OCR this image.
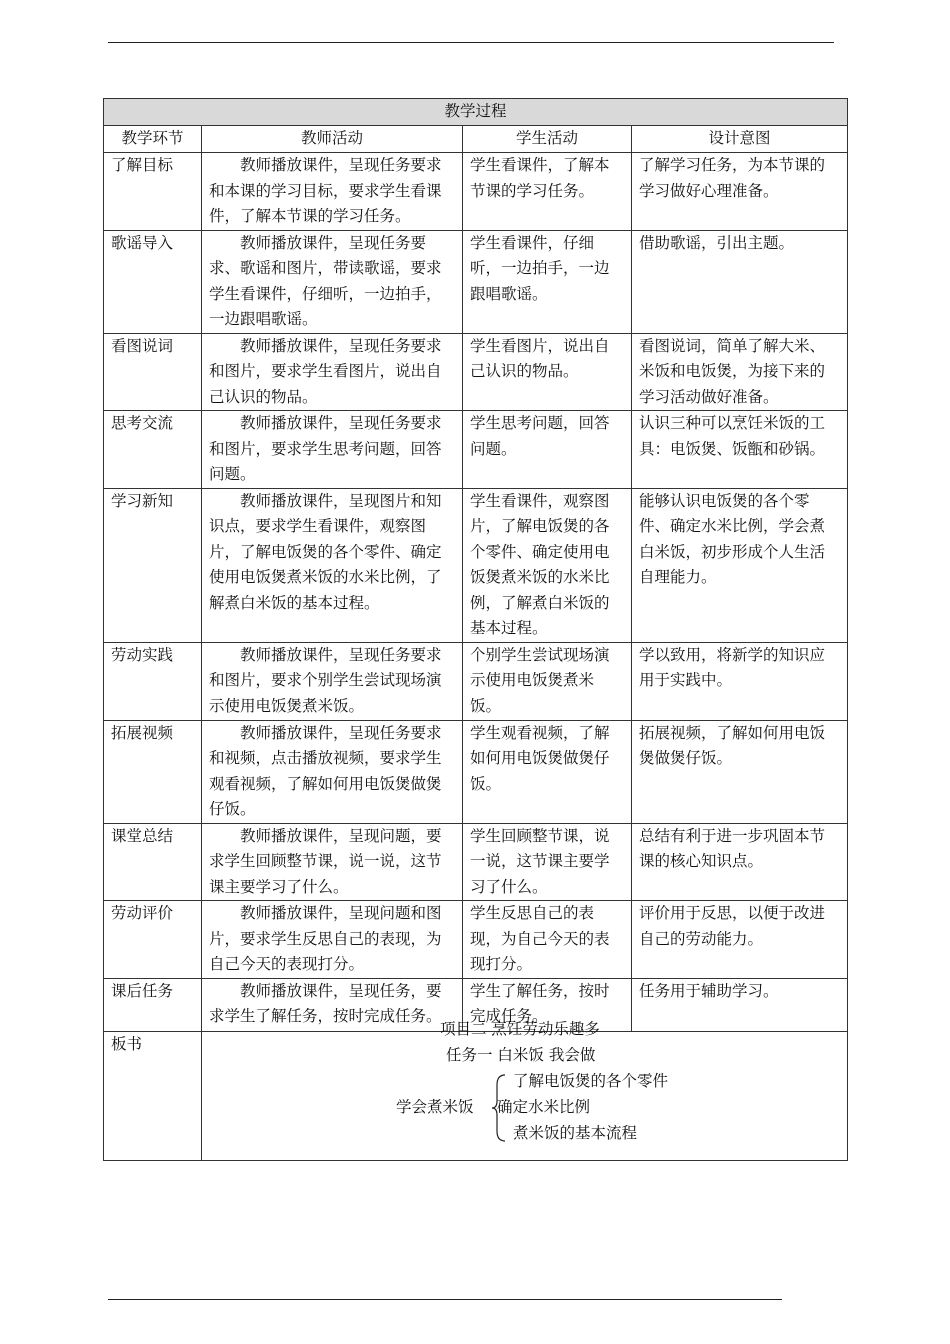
教学过程			
教学环节	教师活动	学生活动	设计意图
了解目标	教师播放课件，呈现任务要求和本课的学习目标，要求学生看课件，了解本节课的学习任务。	学生看课件，了解本节课的学习任务。	了解学习任务，为本节课的学习做好心理准备。
歌谣导入	教师播放课件，呈现任务要求、歌谣和图片，带读歌谣，要求学生看课件，仔细听，一边拍手，一边跟唱歌谣。	学生看课件，仔细听，一边拍手，一边跟唱歌谣。	借助歌谣，引出主题。
看图说词	教师播放课件，呈现任务要求和图片，要求学生看图片，说出自己认识的物品。	学生看图片，说出自己认识的物品。	看图说词，简单了解大米、米饭和电饭煲，为接下来的学习活动做好准备。
思考交流	教师播放课件，呈现任务要求和图片，要求学生思考问题，回答问题。	学生思考问题，回答问题。	认识三种可以烹饪米饭的工具：电饭煲、饭甑和砂锅。
学习新知	教师播放课件，呈现图片和知识点，要求学生看课件，观察图片，了解电饭煲的各个零件、确定使用电饭煲煮米饭的水米比例，了解煮白米饭的基本过程。	学生看课件，观察图片，了解电饭煲的各个零件、确定使用电饭煲煮米饭的水米比例，了解煮白米饭的基本过程。	能够认识电饭煲的各个零件、确定水米比例，学会煮白米饭，初步形成个人生活自理能力。
劳动实践	教师播放课件，呈现任务要求和图片，要求个别学生尝试现场演示使用电饭煲煮米饭。	个别学生尝试现场演示使用电饭煲煮米饭。	学以致用，将新学的知识应用于实践中。
拓展视频	教师播放课件，呈现任务要求和视频，点击播放视频，要求学生观看视频，了解如何用电饭煲做煲仔饭。	学生观看视频，了解如何用电饭煲做煲仔饭。	拓展视频，了解如何用电饭煲做煲仔饭。
课堂总结	教师播放课件，呈现问题，要求学生回顾整节课，说一说，这节课主要学习了什么。	学生回顾整节课，说一说，这节课主要学习了什么。	总结有利于进一步巩固本节课的核心知识点。
劳动评价	教师播放课件，呈现问题和图片，要求学生反思自己的表现，为自己今天的表现打分。	学生反思自己的表现，为自己今天的表现打分。	评价用于反思，以便于改进自己的劳动能力。
课后任务	教师播放课件，呈现任务，要求学生了解任务，按时完成任务。	学生了解任务，按时完成任务。	任务用于辅助学习。
板书			
项目二 烹饪劳动乐趣多
任务一 白米饭 我会做
学会煮米饭
了解电饭煲的各个零件
确定水米比例
煮米饭的基本流程
